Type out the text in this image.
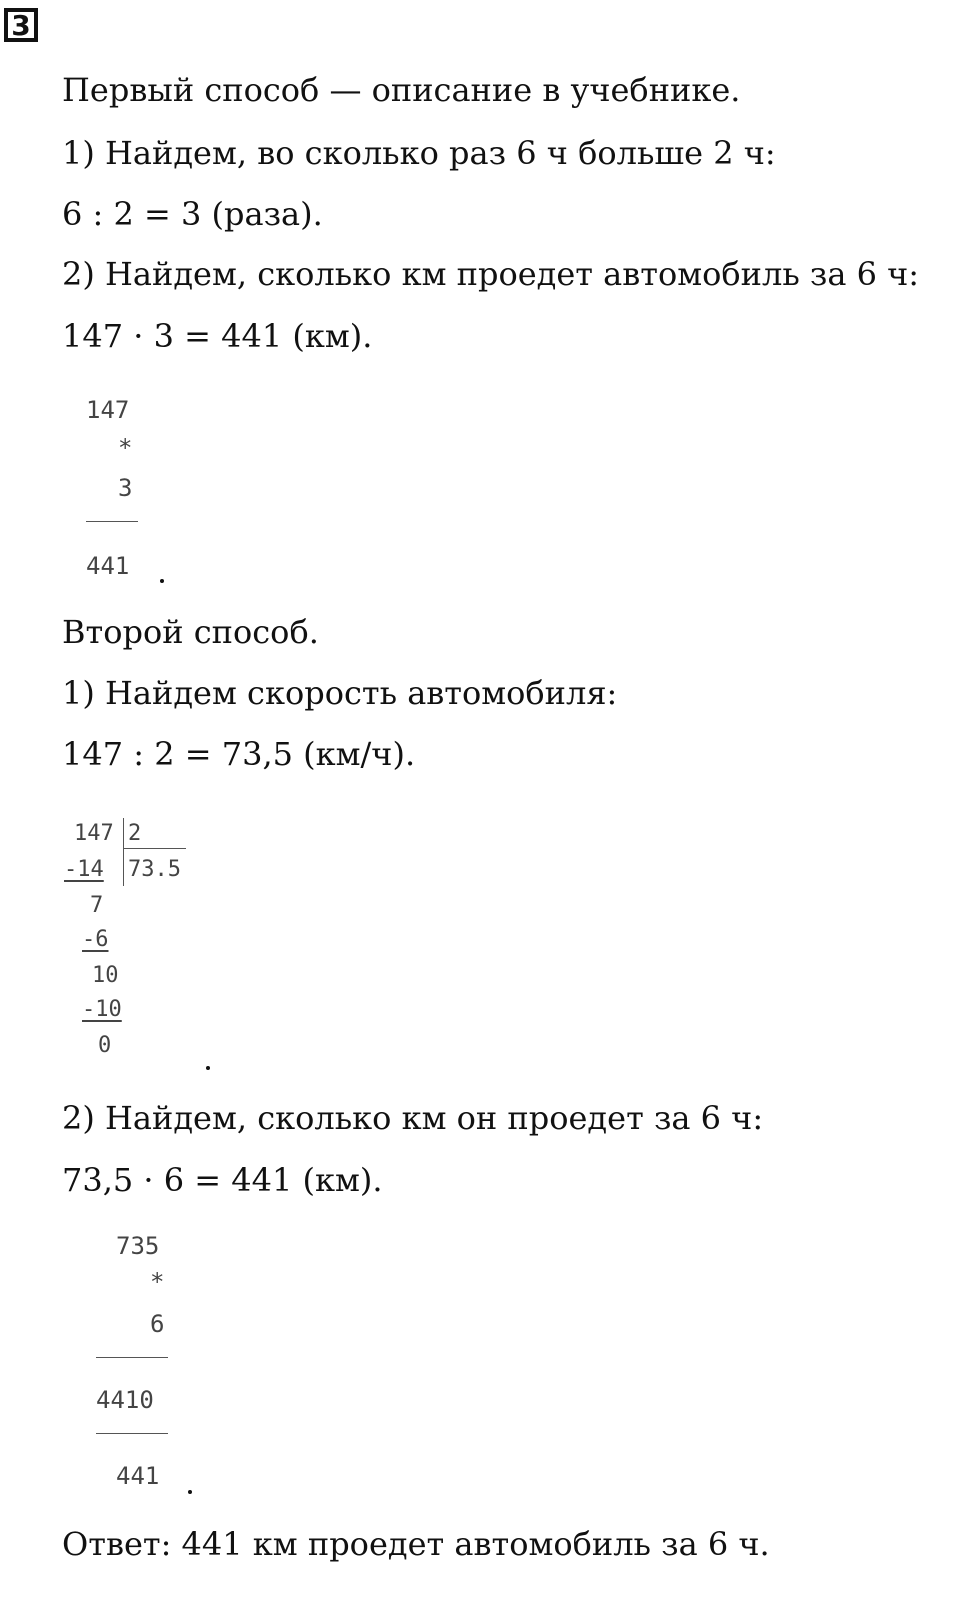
3
Первый способ — описание в учебнике.
1) Найдем, во сколько раз 6 ч больше 2 ч:
6 : 2 = 3 (раза).
2) Найдем, сколько км проедет автомобиль за 6 ч:
147 · 3 = 441 (км).
147
*
3
441
Второй способ.
1) Найдем скорость автомобиля:
147 : 2 = 73,5 (км/ч).
147 2
73.5
-14
7
-6
10
-10
0
2) Найдем, сколько км он проедет за 6 ч:
73,5 · 6 = 441 (км).
735
*
6
4410
441
Ответ: 441 км проедет автомобиль за 6 ч.
